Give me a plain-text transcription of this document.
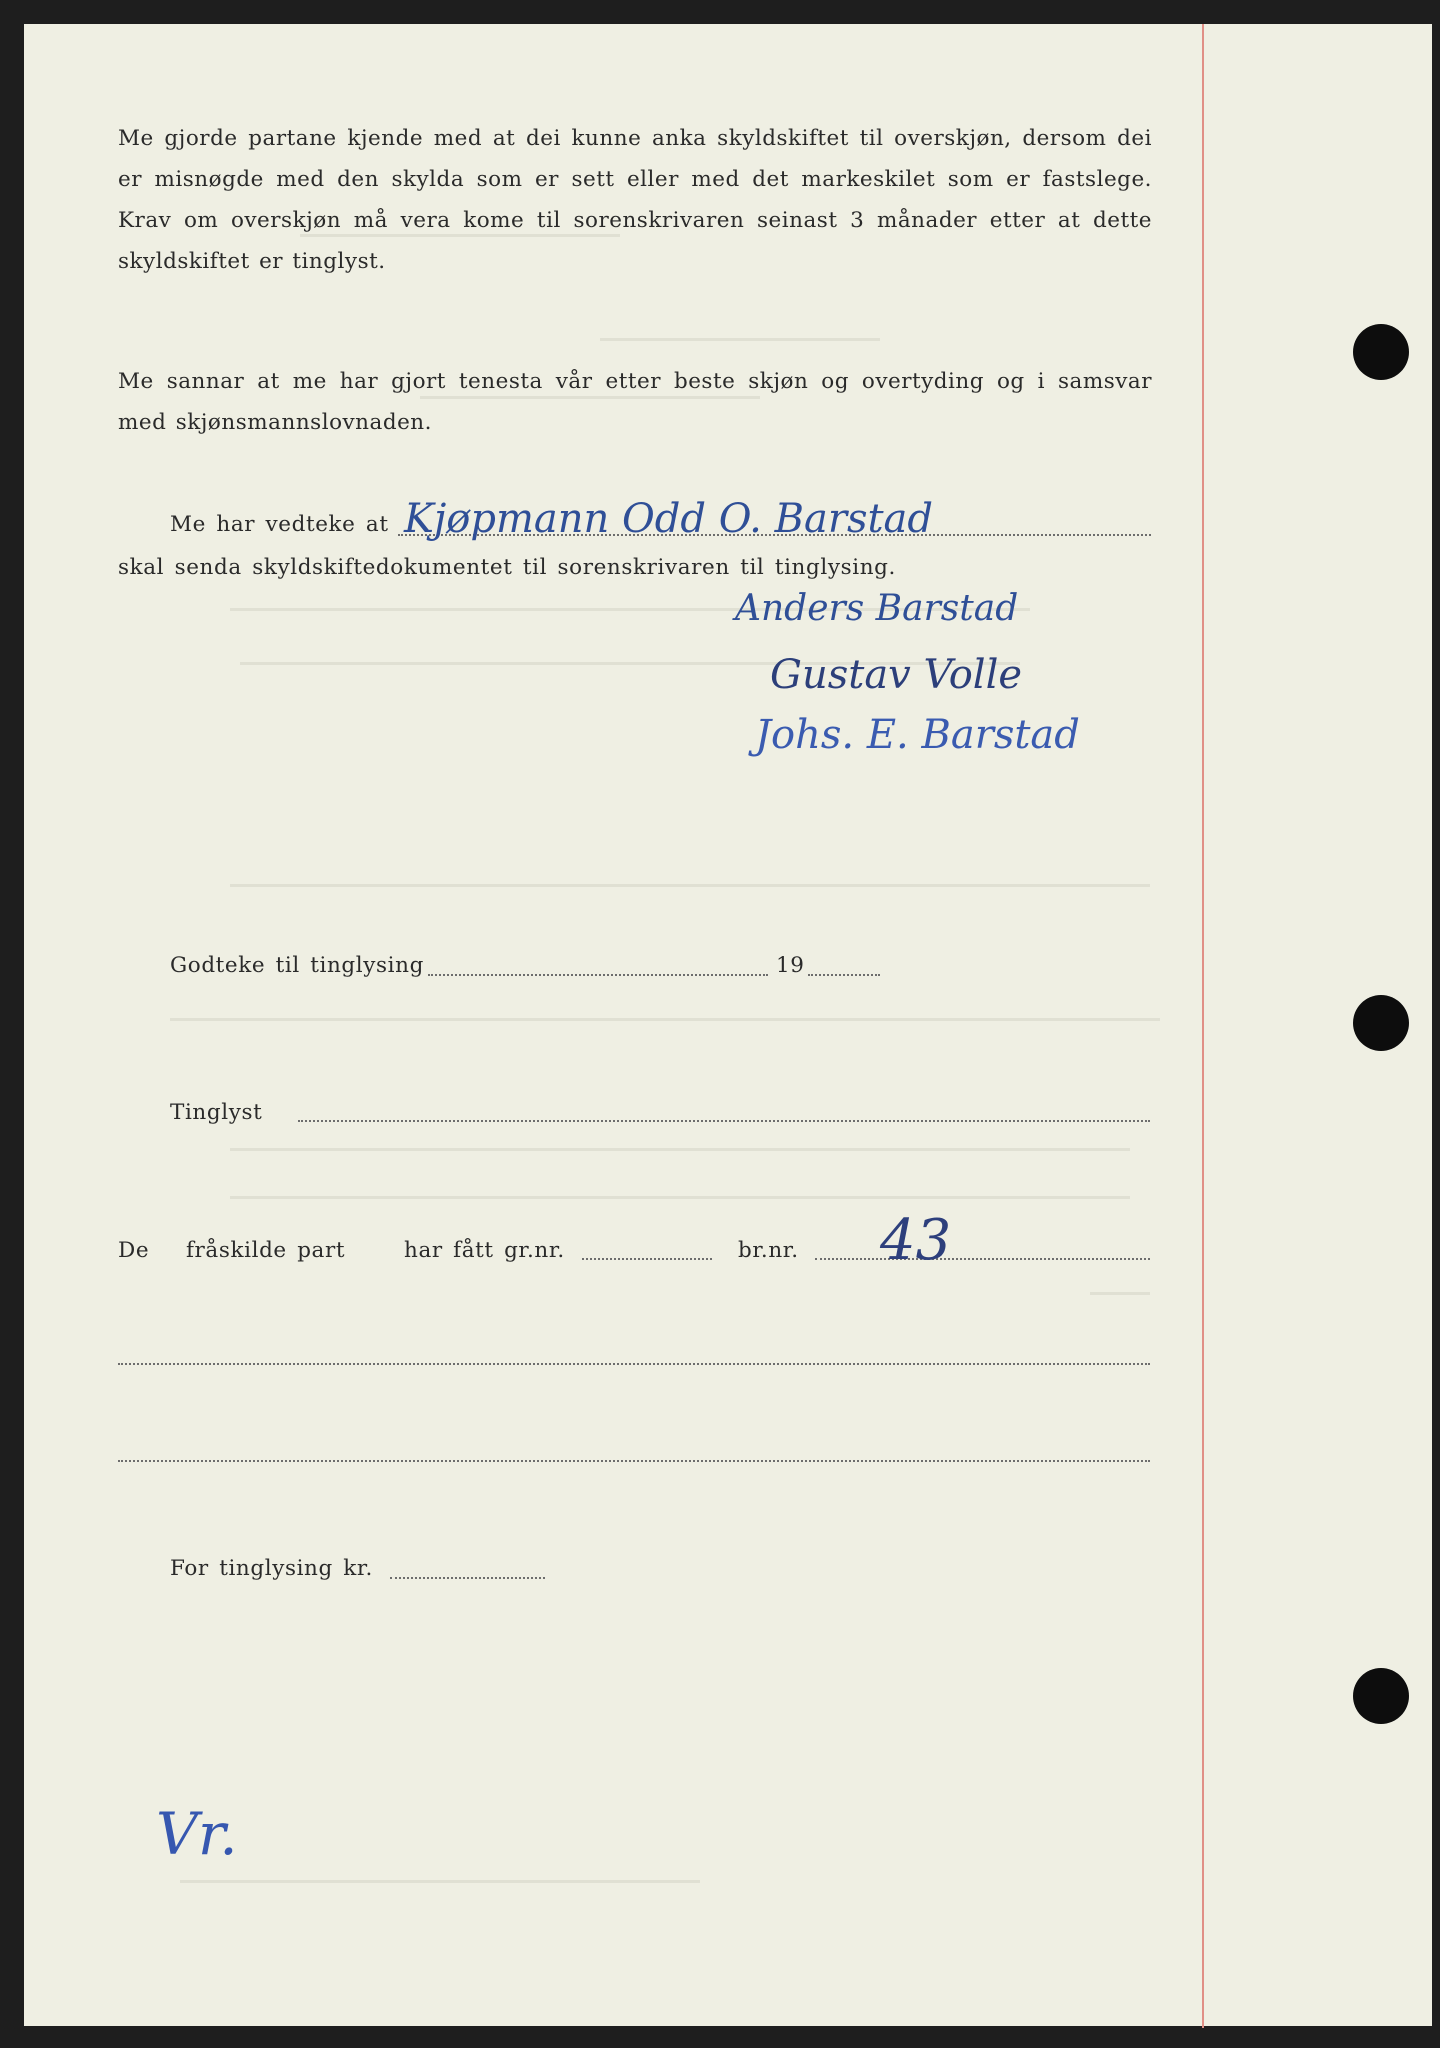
Me gjorde partane kjende med at dei kunne anka skyldskiftet til overskjøn, dersom dei er misnøgde med den skylda som er sett eller med det markeskilet som er fastslege. Krav om overskjøn må vera kome til sorenskrivaren seinast 3 månader etter at dette skyldskiftet er tinglyst.
Me sannar at me har gjort tenesta vår etter beste skjøn og overtyding og i samsvar med skjønsmannslovnaden.
Me har vedteke at Kjøpmann Odd O. Barstad
skal senda skyldskiftedokumentet til sorenskrivaren til tinglysing.
Anders Barstad
Gustav Volle
Johs. E. Barstad
Godteke til tinglysing	19
Tinglyst
De fråskilde part	har fått gr.nr.	br.nr. 43
For tinglysing kr.
Vr.
